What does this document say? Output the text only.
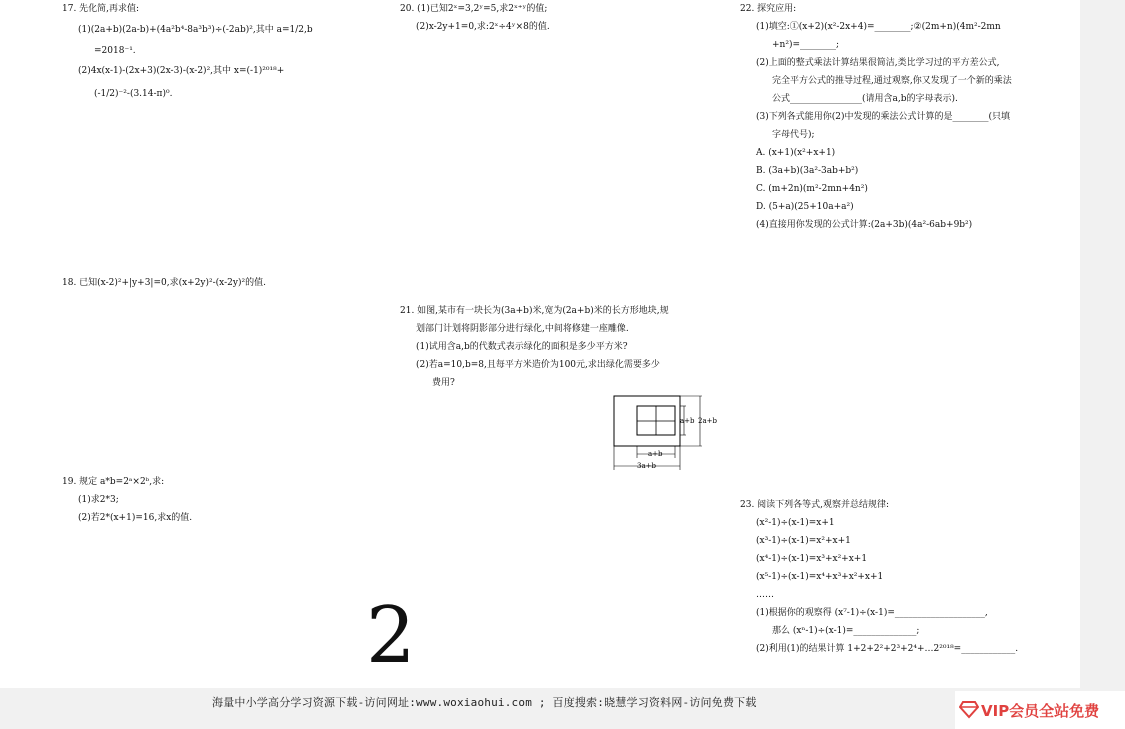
17. 先化简,再求值:
(1)(2a+b)(2a-b)+(4a²b⁴-8a³b³)÷(-2ab)²,其中 a=1/2,b
=2018⁻¹.
(2)4x(x-1)-(2x+3)(2x-3)-(x-2)²,其中 x=(-1)²⁰¹⁸+
(-1/2)⁻²-(3.14-π)⁰.
18. 已知(x-2)²+|y+3|=0,求(x+2y)²-(x-2y)²的值.
19. 规定 a*b=2ᵃ×2ᵇ,求:
(1)求2*3;
(2)若2*(x+1)=16,求x的值.
20. (1)已知2ˣ=3,2ʸ=5,求2ˣ⁺ʸ的值;
(2)x-2y+1=0,求:2ˣ÷4ʸ×8的值.
21. 如图,某市有一块长为(3a+b)米,宽为(2a+b)米的长方形地块,规
划部门计划将阴影部分进行绿化,中间将修建一座雕像.
(1)试用含a,b的代数式表示绿化的面积是多少平方米?
(2)若a=10,b=8,且每平方米造价为100元,求出绿化需要多少
费用?
a+b 2a+b
a+b
3a+b
22. 探究应用:
(1)填空:①(x+2)(x²-2x+4)=________;②(2m+n)(4m²-2mn
+n²)=________;
(2)上面的整式乘法计算结果很简洁,类比学习过的平方差公式,
完全平方公式的推导过程,通过观察,你又发现了一个新的乘法
公式________________(请用含a,b的字母表示).
(3)下列各式能用你(2)中发现的乘法公式计算的是________(只填
字母代号);
A. (x+1)(x²+x+1)
B. (3a+b)(3a²-3ab+b²)
C. (m+2n)(m²-2mn+4n²)
D. (5+a)(25+10a+a²)
(4)直接用你发现的公式计算:(2a+3b)(4a²-6ab+9b²)
23. 阅读下列各等式,观察并总结规律:
(x²-1)÷(x-1)=x+1
(x³-1)÷(x-1)=x²+x+1
(x⁴-1)÷(x-1)=x³+x²+x+1
(x⁵-1)÷(x-1)=x⁴+x³+x²+x+1
……
(1)根据你的观察得 (x⁷-1)÷(x-1)=____________________,
那么 (xⁿ-1)÷(x-1)=______________;
(2)利用(1)的结果计算 1+2+2²+2³+2⁴+…2²⁰¹⁸=____________.
2
海量中小学高分学习资源下载-访问网址:www.woxiaohui.com ; 百度搜索:晓慧学习资料网-访问免费下载	VIP会员全站免费
